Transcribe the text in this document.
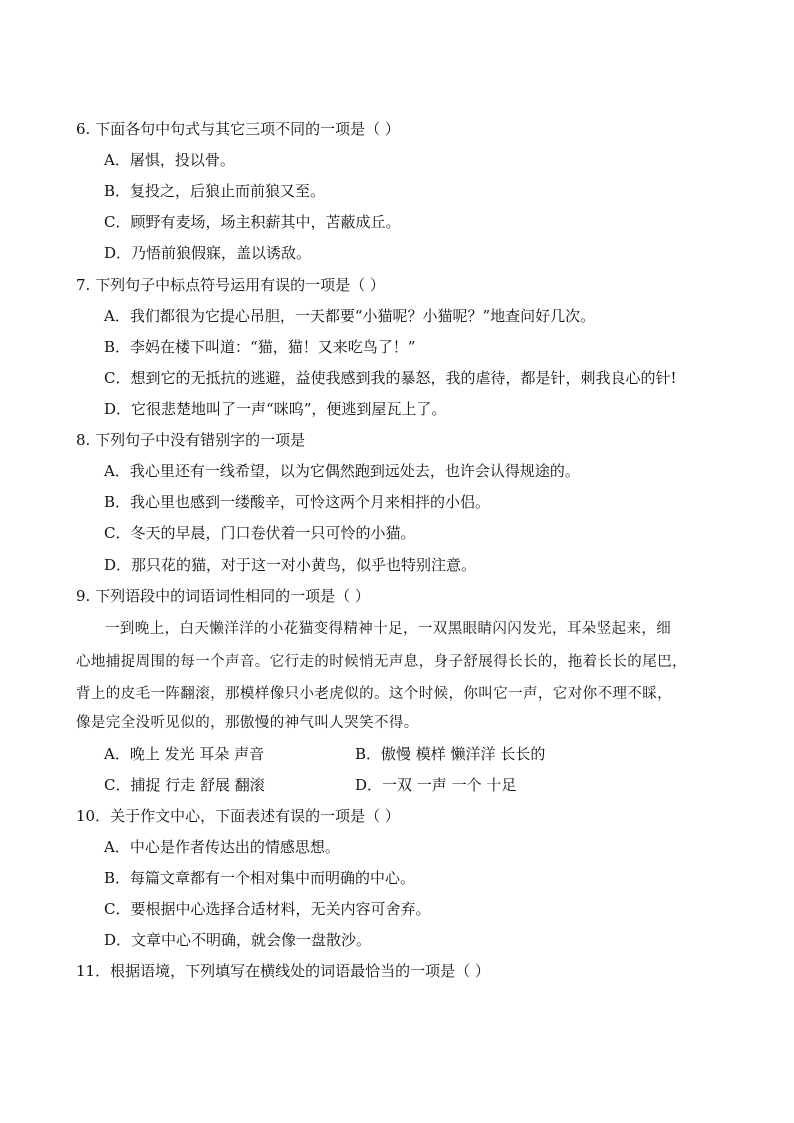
6. 下面各句中句式与其它三项不同的一项是（ ）
A．屠惧，投以骨。
B．复投之，后狼止而前狼又至。
C．顾野有麦场，场主积薪其中，苫蔽成丘。
D．乃悟前狼假寐，盖以诱敌。
7. 下列句子中标点符号运用有误的一项是（ ）
A．我们都很为它提心吊胆，一天都要“小猫呢？小猫呢？”地查问好几次。
B．李妈在楼下叫道：“猫，猫！又来吃鸟了！”
C．想到它的无抵抗的逃避，益使我感到我的暴怒，我的虐待，都是针，刺我良心的针!
D．它很悲楚地叫了一声“咪呜”，便逃到屋瓦上了。
8. 下列句子中没有错别字的一项是
A．我心里还有一线希望，以为它偶然跑到远处去，也许会认得规途的。
B．我心里也感到一缕酸辛，可怜这两个月来相拌的小侣。
C．冬天的早晨，门口卷伏着一只可怜的小猫。
D．那只花的猫，对于这一对小黄鸟，似乎也特别注意。
9. 下列语段中的词语词性相同的一项是（ ）
一到晚上，白天懒洋洋的小花猫变得精神十足，一双黑眼睛闪闪发光，耳朵竖起来，细
心地捕捉周围的每一个声音。它行走的时候悄无声息，身子舒展得长长的，拖着长长的尾巴，
背上的皮毛一阵翻滚，那模样像只小老虎似的。这个时候，你叫它一声，它对你不理不睬，
像是完全没听见似的，那傲慢的神气叫人哭笑不得。
A．晚上 发光 耳朵 声音	B．傲慢 模样 懒洋洋 长长的
C．捕捉 行走 舒展 翻滚	D．一双 一声 一个 十足
10．关于作文中心，下面表述有误的一项是（ ）
A．中心是作者传达出的情感思想。
B．每篇文章都有一个相对集中而明确的中心。
C．要根据中心选择合适材料，无关内容可舍弃。
D．文章中心不明确，就会像一盘散沙。
11．根据语境，下列填写在横线处的词语最恰当的一项是（ ）
